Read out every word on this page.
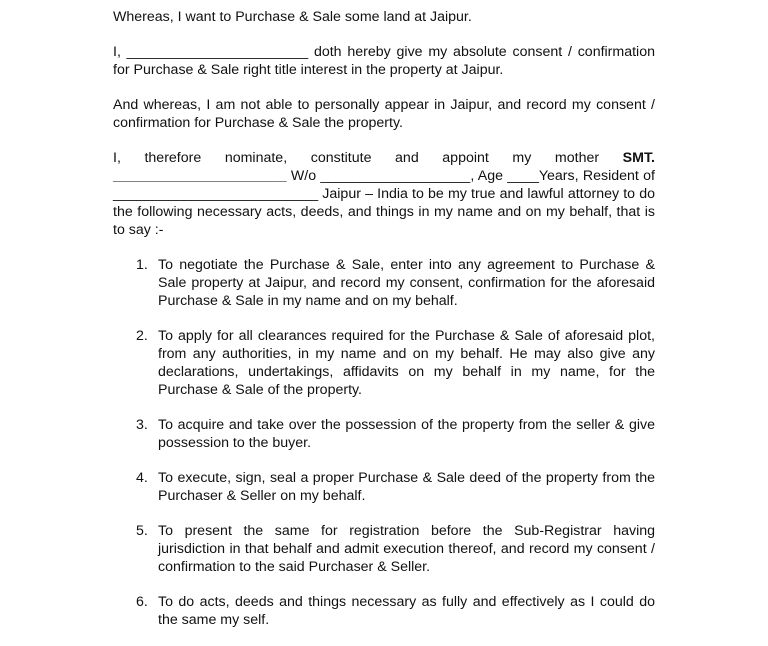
Whereas, I want to Purchase & Sale some land at Jaipur.

I, _______________________ doth hereby give my absolute consent / confirmation for Purchase & Sale right title interest in the property at Jaipur.

And whereas, I am not able to personally appear in Jaipur, and record my consent / confirmation for Purchase & Sale the property.

I, therefore nominate, constitute and appoint my mother SMT. ______________________ W/o ___________________, Age ____Years, Resident of __________________________ Jaipur – India to be my true and lawful attorney to do the following necessary acts, deeds, and things in my name and on my behalf, that is to say :-

1. To negotiate the Purchase & Sale, enter into any agreement to Purchase & Sale property at Jaipur, and record my consent, confirmation for the aforesaid Purchase & Sale in my name and on my behalf.
2. To apply for all clearances required for the Purchase & Sale of aforesaid plot, from any authorities, in my name and on my behalf. He may also give any declarations, undertakings, affidavits on my behalf in my name, for the Purchase & Sale of the property.
3. To acquire and take over the possession of the property from the seller & give possession to the buyer.
4. To execute, sign, seal a proper Purchase & Sale deed of the property from the Purchaser & Seller on my behalf.
5. To present the same for registration before the Sub-Registrar having jurisdiction in that behalf and admit execution thereof, and record my consent / confirmation to the said Purchaser & Seller.
6. To do acts, deeds and things necessary as fully and effectively as I could do the same my self.
